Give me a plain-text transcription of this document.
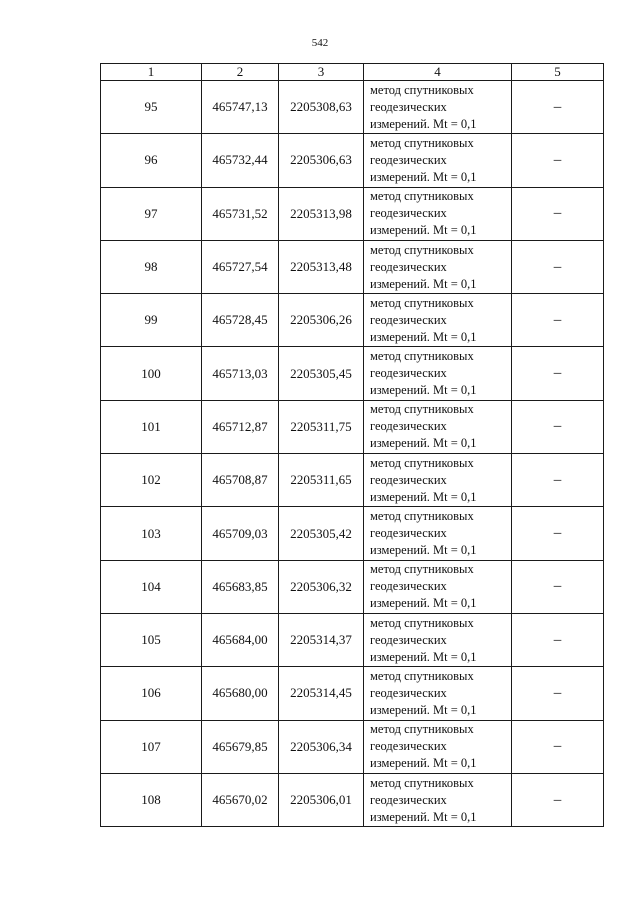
542
1	2	3	4	5
95	465747,13	2205308,63	метод спутниковых
геодезических
измерений. Mt = 0,1	–
96	465732,44	2205306,63	метод спутниковых
геодезических
измерений. Mt = 0,1	–
97	465731,52	2205313,98	метод спутниковых
геодезических
измерений. Mt = 0,1	–
98	465727,54	2205313,48	метод спутниковых
геодезических
измерений. Mt = 0,1	–
99	465728,45	2205306,26	метод спутниковых
геодезических
измерений. Mt = 0,1	–
100	465713,03	2205305,45	метод спутниковых
геодезических
измерений. Mt = 0,1	–
101	465712,87	2205311,75	метод спутниковых
геодезических
измерений. Mt = 0,1	–
102	465708,87	2205311,65	метод спутниковых
геодезических
измерений. Mt = 0,1	–
103	465709,03	2205305,42	метод спутниковых
геодезических
измерений. Mt = 0,1	–
104	465683,85	2205306,32	метод спутниковых
геодезических
измерений. Mt = 0,1	–
105	465684,00	2205314,37	метод спутниковых
геодезических
измерений. Mt = 0,1	–
106	465680,00	2205314,45	метод спутниковых
геодезических
измерений. Mt = 0,1	–
107	465679,85	2205306,34	метод спутниковых
геодезических
измерений. Mt = 0,1	–
108	465670,02	2205306,01	метод спутниковых
геодезических
измерений. Mt = 0,1	–
